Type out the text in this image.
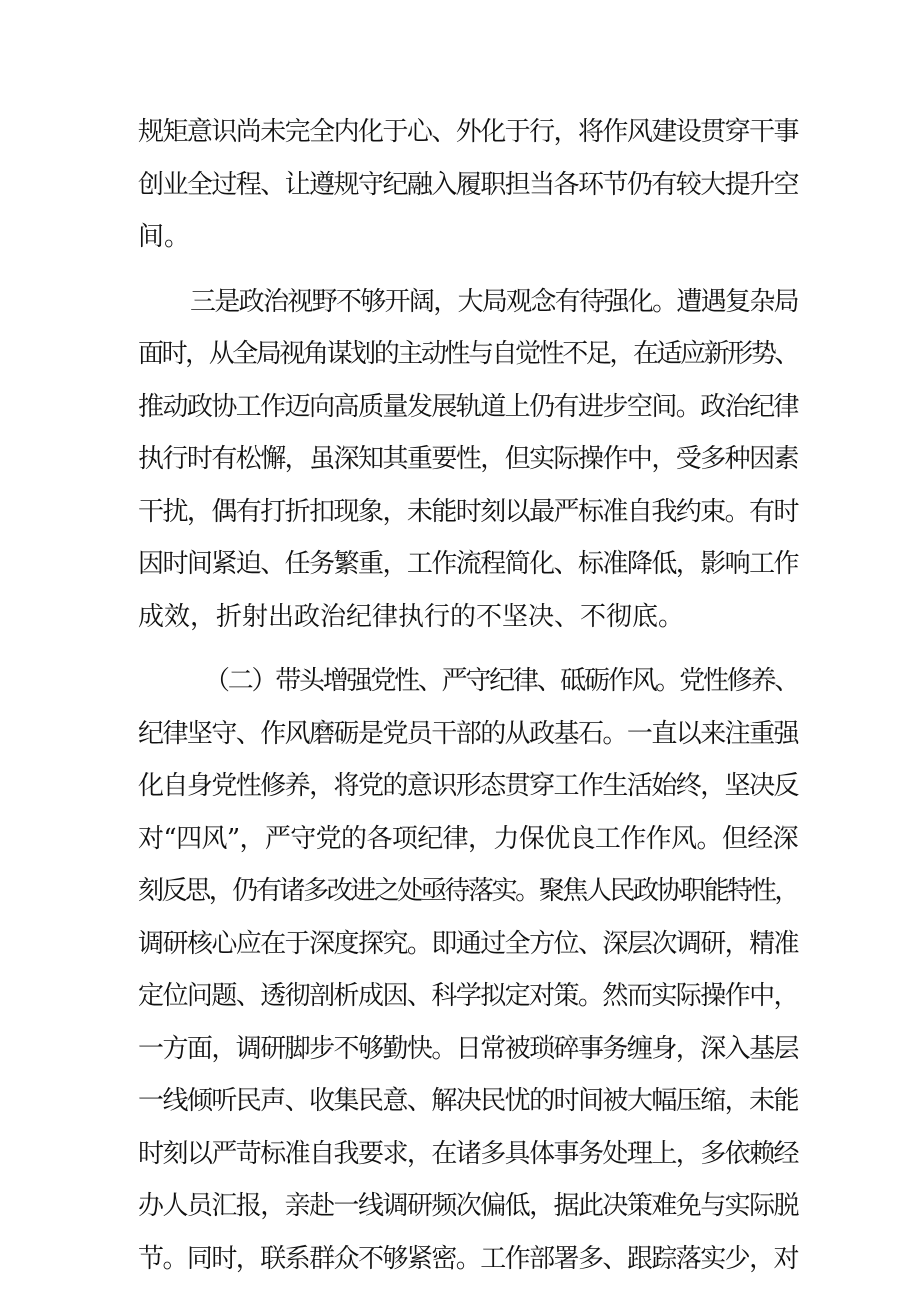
规矩意识尚未完全内化于心、外化于行，将作风建设贯穿干事
创业全过程、让遵规守纪融入履职担当各环节仍有较大提升空
间。
三是政治视野不够开阔，大局观念有待强化。遭遇复杂局
面时，从全局视角谋划的主动性与自觉性不足，在适应新形势、
推动政协工作迈向高质量发展轨道上仍有进步空间。政治纪律
执行时有松懈，虽深知其重要性，但实际操作中，受多种因素
干扰，偶有打折扣现象，未能时刻以最严标准自我约束。有时
因时间紧迫、任务繁重，工作流程简化、标准降低，影响工作
成效，折射出政治纪律执行的不坚决、不彻底。
（二）带头增强党性、严守纪律、砥砺作风。党性修养、
纪律坚守、作风磨砺是党员干部的从政基石。一直以来注重强
化自身党性修养，将党的意识形态贯穿工作生活始终，坚决反
对“四风”，严守党的各项纪律，力保优良工作作风。但经深
刻反思，仍有诸多改进之处亟待落实。聚焦人民政协职能特性，
调研核心应在于深度探究。即通过全方位、深层次调研，精准
定位问题、透彻剖析成因、科学拟定对策。然而实际操作中，
一方面，调研脚步不够勤快。日常被琐碎事务缠身，深入基层
一线倾听民声、收集民意、解决民忧的时间被大幅压缩，未能
时刻以严苛标准自我要求，在诸多具体事务处理上，多依赖经
办人员汇报，亲赴一线调研频次偏低，据此决策难免与实际脱
节。同时，联系群众不够紧密。工作部署多、跟踪落实少，对
